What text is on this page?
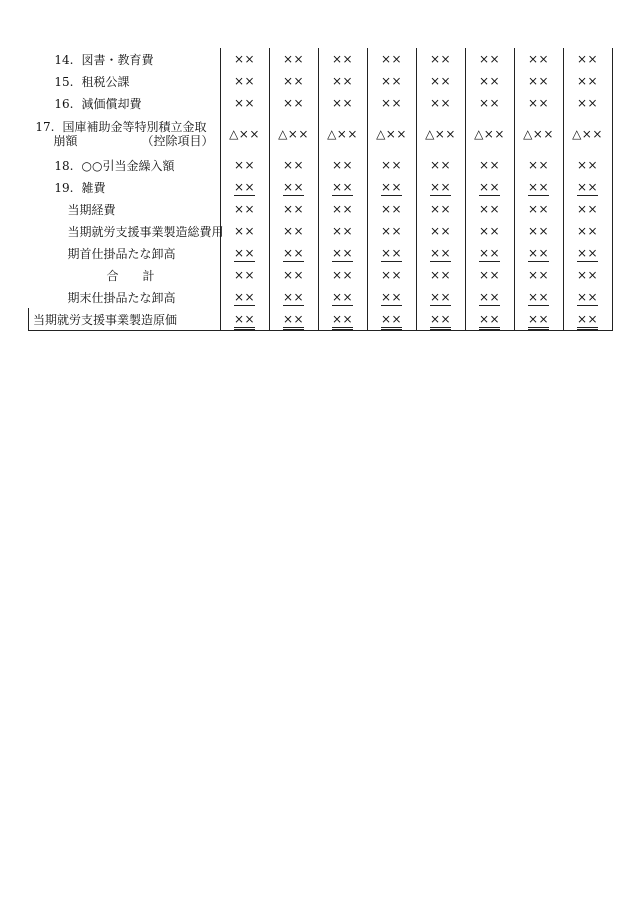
14. 図書・教育費	××	××	××	××	××	××	××	××

15. 租税公課	××	××	××	××	××	××	××	××

16. 減価償却費	××	××	××	××	××	××	××	××

17. 国庫補助金等特別積立金取
崩額 （控除項目）	△××	△××	△××	△××	△××	△××	△××	△××

18. ○○引当金繰入額	××	××	××	××	××	××	××	××

19. 雑費	××	××	××	××	××	××	××	××

当期経費	××	××	××	××	××	××	××	××

当期就労支援事業製造総費用	××	××	××	××	××	××	××	××

期首仕掛品たな卸高	××	××	××	××	××	××	××	××

合　　計	××	××	××	××	××	××	××	××

期末仕掛品たな卸高	××	××	××	××	××	××	××	××

当期就労支援事業製造原価	××	××	××	××	××	××	××	××
